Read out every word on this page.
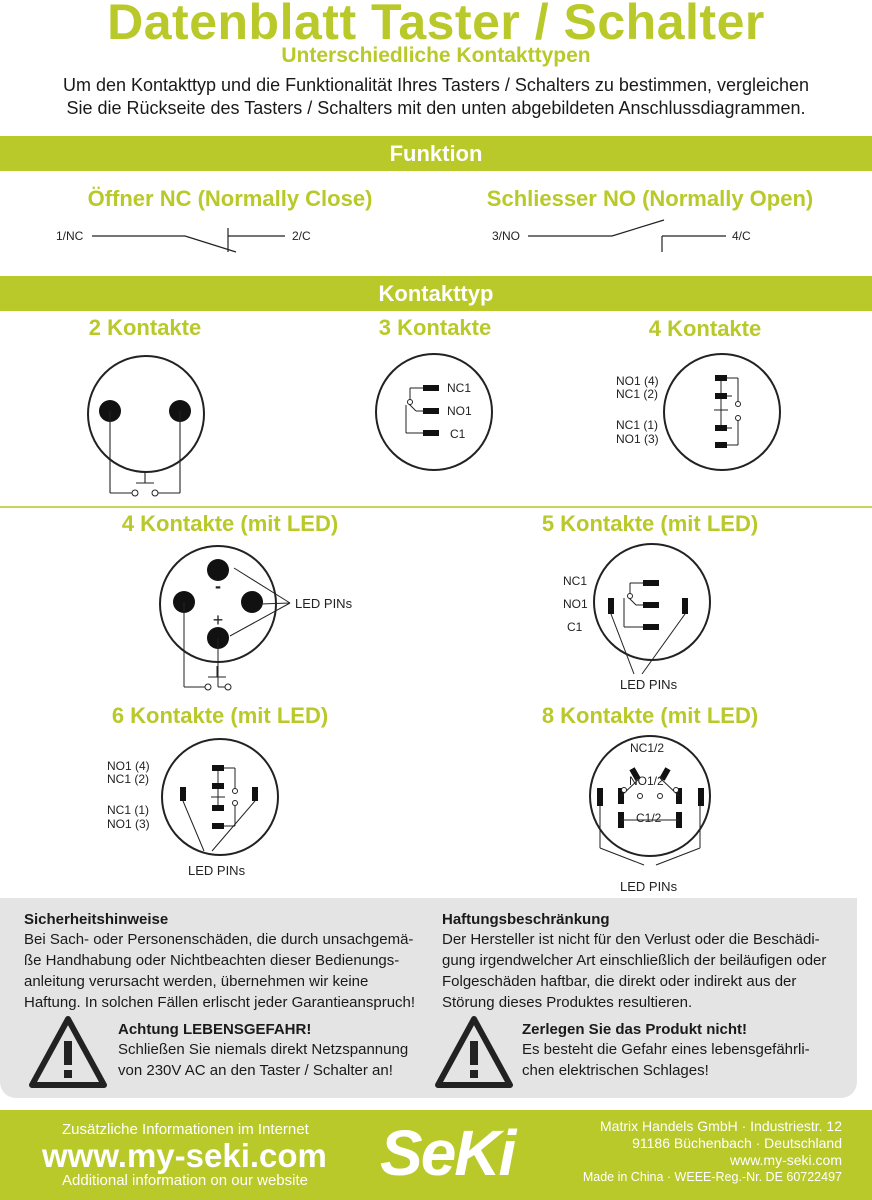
Datenblatt Taster / Schalter
Unterschiedliche Kontakttypen
Um den Kontakttyp und die Funktionalität Ihres Tasters / Schalters zu bestimmen, vergleichen
Sie die Rückseite des Tasters / Schalters mit den unten abgebildeten Anschlussdiagrammen.
Funktion
Öffner NC (Normally Close)	Schliesser NO (Normally Open)
1/NC	2/C	3/NO	4/C
Kontakttyp
2 Kontakte	3 Kontakte	4 Kontakte
NC1
NO1
C1
NO1 (4)
NC1 (2)
NC1 (1)
NO1 (3)
4 Kontakte (mit LED)	5 Kontakte (mit LED)
-
+
LED PINs
NC1
NO1
C1
LED PINs
6 Kontakte (mit LED)	8 Kontakte (mit LED)
NO1 (4)
NC1 (2)
NC1 (1)
NO1 (3)
LED PINs
NC1/2
NO1/2
C1/2
LED PINs
Sicherheitshinweise
Bei Sach- oder Personenschäden, die durch unsachgemä-
ße Handhabung oder Nichtbeachten dieser Bedienungs-
anleitung verursacht werden, übernehmen wir keine
Haftung. In solchen Fällen erlischt jeder Garantieanspruch!
Haftungsbeschränkung
Der Hersteller ist nicht für den Verlust oder die Beschädi-
gung irgendwelcher Art einschließlich der beiläufigen oder
Folgeschäden haftbar, die direkt oder indirekt aus der
Störung dieses Produktes resultieren.
Achtung LEBENSGEFAHR!
Schließen Sie niemals direkt Netzspannung
von 230V AC an den Taster / Schalter an!
Zerlegen Sie das Produkt nicht!
Es besteht die Gefahr eines lebensgefährli-
chen elektrischen Schlages!
Zusätzliche Informationen im Internet
www.my-seki.com
Additional information on our website SeKi	Matrix Handels GmbH · Industriestr. 12
91186 Büchenbach · Deutschland
www.my-seki.com
Made in China · WEEE-Reg.-Nr. DE 60722497
